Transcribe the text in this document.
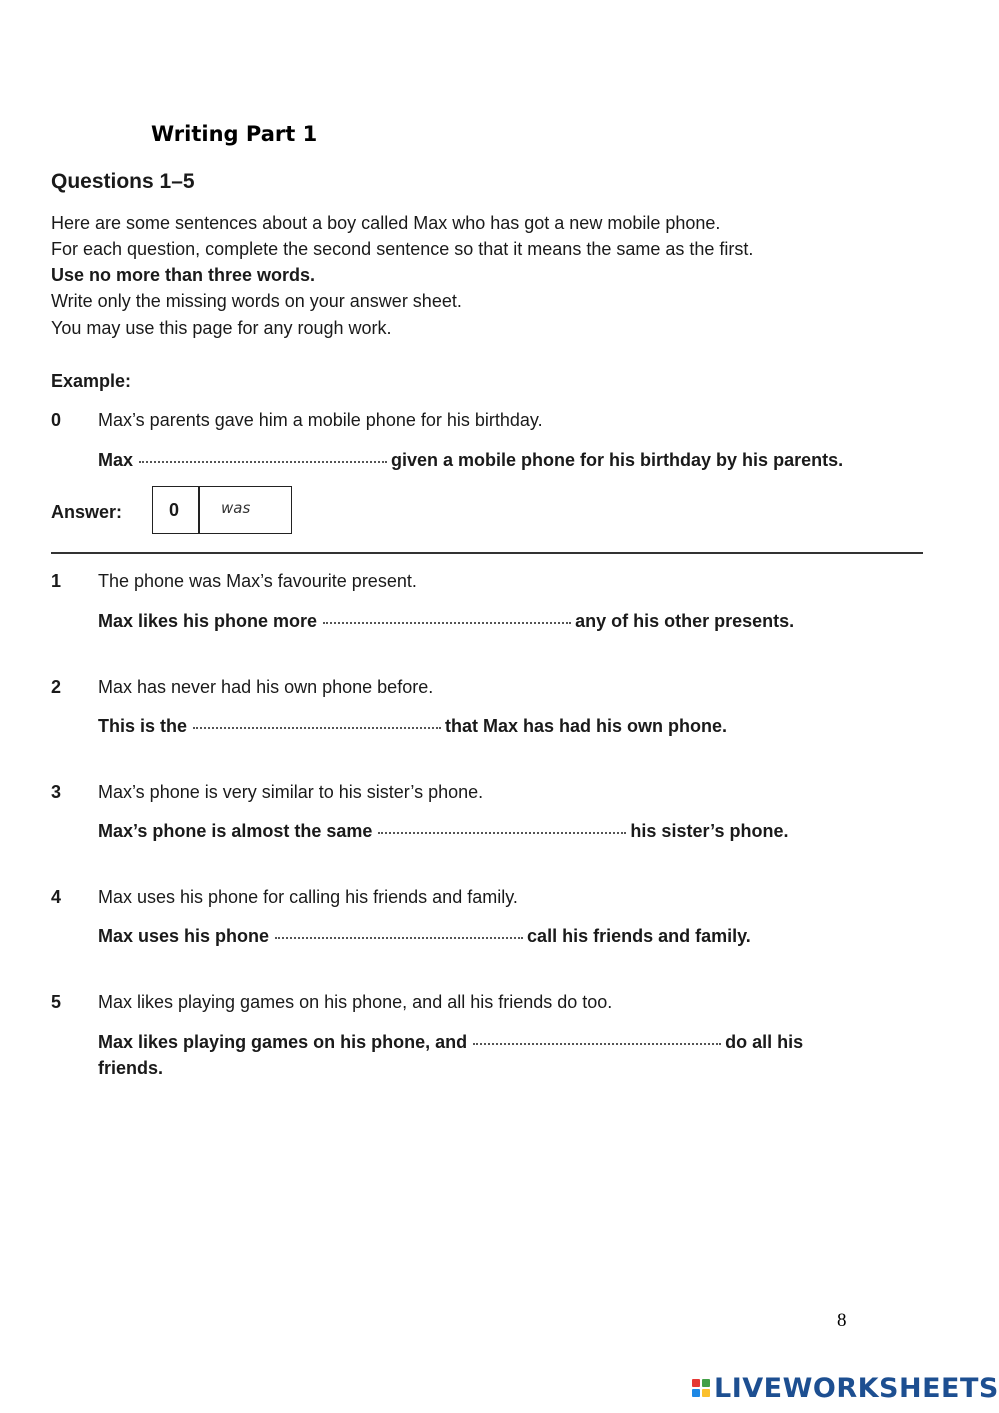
Writing Part 1
Questions 1–5
Here are some sentences about a boy called Max who has got a new mobile phone.
For each question, complete the second sentence so that it means the same as the first.
Use no more than three words.
Write only the missing words on your answer sheet.
You may use this page for any rough work.
Example:
0 Max’s parents gave him a mobile phone for his birthday.
Max	given a mobile phone for his birthday by his parents.
Answer:	0	was
1 The phone was Max’s favourite present.
Max likes his phone more	any of his other presents.
2 Max has never had his own phone before.
This is the	that Max has had his own phone.
3 Max’s phone is very similar to his sister’s phone.
Max’s phone is almost the same	his sister’s phone.
4 Max uses his phone for calling his friends and family.
Max uses his phone	call his friends and family.
5 Max likes playing games on his phone, and all his friends do too.
Max likes playing games on his phone, and	do all his
friends.
8
LIVEWORKSHEETS
